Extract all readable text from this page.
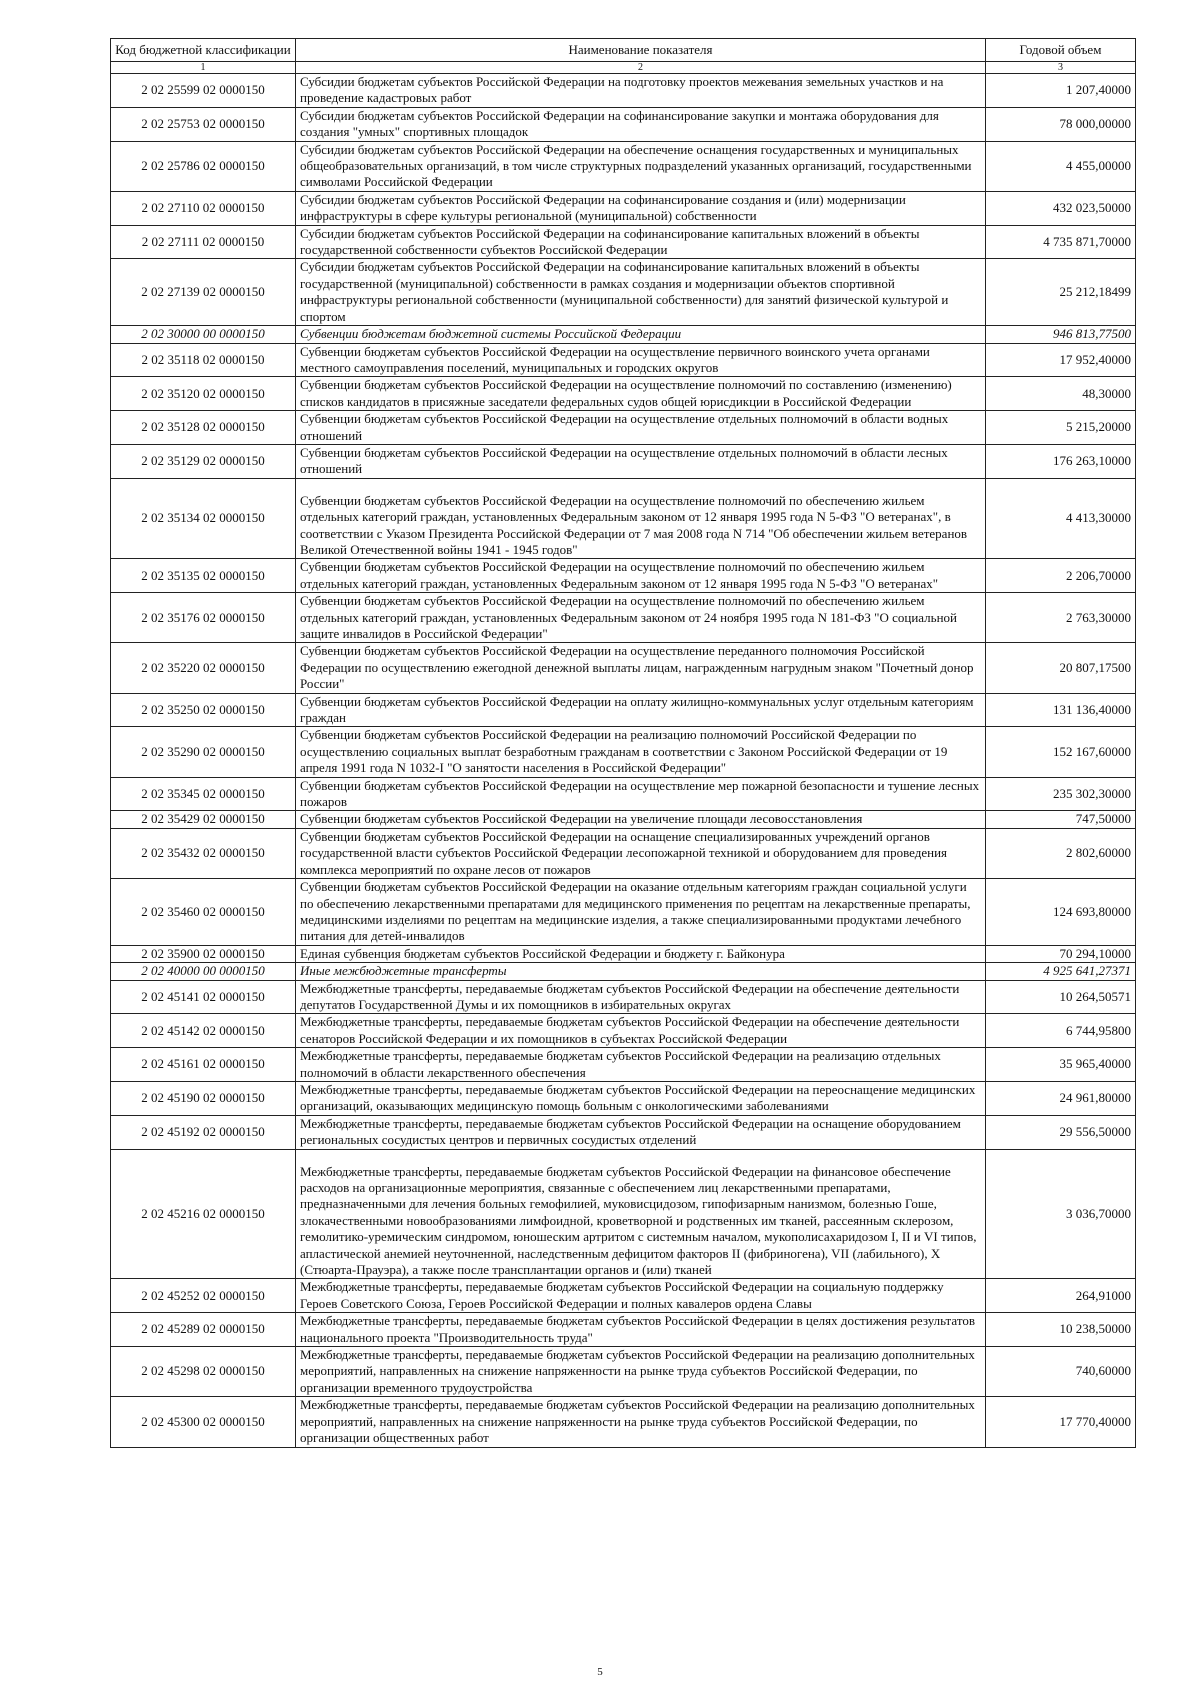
Код бюджетной классификации	Наименование показателя	Годовой объем
1	2	3
2 02 25599 02 0000150	Субсидии бюджетам субъектов Российской Федерации на подготовку проектов межевания земельных участков и на проведение кадастровых работ	1 207,40000
2 02 25753 02 0000150	Субсидии бюджетам субъектов Российской Федерации на софинансирование закупки и монтажа оборудования для создания "умных" спортивных площадок	78 000,00000
2 02 25786 02 0000150	Субсидии бюджетам субъектов Российской Федерации на обеспечение оснащения государственных и муниципальных общеобразовательных организаций, в том числе структурных подразделений указанных организаций, государственными символами Российской Федерации	4 455,00000
2 02 27110 02 0000150	Субсидии бюджетам субъектов Российской Федерации на софинансирование создания и (или) модернизации инфраструктуры в сфере культуры региональной (муниципальной) собственности	432 023,50000
2 02 27111 02 0000150	Субсидии бюджетам субъектов Российской Федерации на софинансирование капитальных вложений в объекты государственной собственности субъектов Российской Федерации	4 735 871,70000
2 02 27139 02 0000150	Субсидии бюджетам субъектов Российской Федерации на софинансирование капитальных вложений в объекты государственной (муниципальной) собственности в рамках создания и модернизации объектов спортивной инфраструктуры региональной собственности (муниципальной собственности) для занятий физической культурой и спортом	25 212,18499
2 02 30000 00 0000150	Субвенции бюджетам бюджетной системы Российской Федерации	946 813,77500
2 02 35118 02 0000150	Субвенции бюджетам субъектов Российской Федерации на осуществление первичного воинского учета органами местного самоуправления поселений, муниципальных и городских округов	17 952,40000
2 02 35120 02 0000150	Субвенции бюджетам субъектов Российской Федерации на осуществление полномочий по составлению (изменению) списков кандидатов в присяжные заседатели федеральных судов общей юрисдикции в Российской Федерации	48,30000
2 02 35128 02 0000150	Субвенции бюджетам субъектов Российской Федерации на осуществление отдельных полномочий в области водных отношений	5 215,20000
2 02 35129 02 0000150	Субвенции бюджетам субъектов Российской Федерации на осуществление отдельных полномочий в области лесных отношений	176 263,10000
2 02 35134 02 0000150	Субвенции бюджетам субъектов Российской Федерации на осуществление полномочий по обеспечению жильем отдельных категорий граждан, установленных Федеральным законом от 12 января 1995 года N 5-ФЗ "О ветеранах", в соответствии с Указом Президента Российской Федерации от 7 мая 2008 года N 714 "Об обеспечении жильем ветеранов Великой Отечественной войны 1941 - 1945 годов"	4 413,30000
2 02 35135 02 0000150	Субвенции бюджетам субъектов Российской Федерации на осуществление полномочий по обеспечению жильем отдельных категорий граждан, установленных Федеральным законом от 12 января 1995 года N 5-ФЗ "О ветеранах"	2 206,70000
2 02 35176 02 0000150	Субвенции бюджетам субъектов Российской Федерации на осуществление полномочий по обеспечению жильем отдельных категорий граждан, установленных Федеральным законом от 24 ноября 1995 года N 181-ФЗ "О социальной защите инвалидов в Российской Федерации"	2 763,30000
2 02 35220 02 0000150	Субвенции бюджетам субъектов Российской Федерации на осуществление переданного полномочия Российской Федерации по осуществлению ежегодной денежной выплаты лицам, награжденным нагрудным знаком "Почетный донор России"	20 807,17500
2 02 35250 02 0000150	Субвенции бюджетам субъектов Российской Федерации на оплату жилищно-коммунальных услуг отдельным категориям граждан	131 136,40000
2 02 35290 02 0000150	Субвенции бюджетам субъектов Российской Федерации на реализацию полномочий Российской Федерации по осуществлению социальных выплат безработным гражданам в соответствии с Законом Российской Федерации от 19 апреля 1991 года N 1032-I "О занятости населения в Российской Федерации"	152 167,60000
2 02 35345 02 0000150	Субвенции бюджетам субъектов Российской Федерации на осуществление мер пожарной безопасности и тушение лесных пожаров	235 302,30000
2 02 35429 02 0000150	Субвенции бюджетам субъектов Российской Федерации на увеличение площади лесовосстановления	747,50000
2 02 35432 02 0000150	Субвенции бюджетам субъектов Российской Федерации на оснащение специализированных учреждений органов государственной власти субъектов Российской Федерации лесопожарной техникой и оборудованием для проведения комплекса мероприятий по охране лесов от пожаров	2 802,60000
2 02 35460 02 0000150	Субвенции бюджетам субъектов Российской Федерации на оказание отдельным категориям граждан социальной услуги по обеспечению лекарственными препаратами для медицинского применения по рецептам на лекарственные препараты, медицинскими изделиями по рецептам на медицинские изделия, а также специализированными продуктами лечебного питания для детей-инвалидов	124 693,80000
2 02 35900 02 0000150	Единая субвенция бюджетам субъектов Российской Федерации и бюджету г. Байконура	70 294,10000
2 02 40000 00 0000150	Иные межбюджетные трансферты	4 925 641,27371
2 02 45141 02 0000150	Межбюджетные трансферты, передаваемые бюджетам субъектов Российской Федерации на обеспечение деятельности депутатов Государственной Думы и их помощников в избирательных округах	10 264,50571
2 02 45142 02 0000150	Межбюджетные трансферты, передаваемые бюджетам субъектов Российской Федерации на обеспечение деятельности сенаторов Российской Федерации и их помощников в субъектах Российской Федерации	6 744,95800
2 02 45161 02 0000150	Межбюджетные трансферты, передаваемые бюджетам субъектов Российской Федерации на реализацию отдельных полномочий в области лекарственного обеспечения	35 965,40000
2 02 45190 02 0000150	Межбюджетные трансферты, передаваемые бюджетам субъектов Российской Федерации на переоснащение медицинских организаций, оказывающих медицинскую помощь больным с онкологическими заболеваниями	24 961,80000
2 02 45192 02 0000150	Межбюджетные трансферты, передаваемые бюджетам субъектов Российской Федерации на оснащение оборудованием региональных сосудистых центров и первичных сосудистых отделений	29 556,50000
2 02 45216 02 0000150	Межбюджетные трансферты, передаваемые бюджетам субъектов Российской Федерации на финансовое обеспечение расходов на организационные мероприятия, связанные с обеспечением лиц лекарственными препаратами, предназначенными для лечения больных гемофилией, муковисцидозом, гипофизарным нанизмом, болезнью Гоше, злокачественными новообразованиями лимфоидной, кроветворной и родственных им тканей, рассеянным склерозом, гемолитико-уремическим синдромом, юношеским артритом с системным началом, мукополисахаридозом I, II и VI типов, апластической анемией неуточненной, наследственным дефицитом факторов II (фибриногена), VII (лабильного), X (Стюарта-Прауэра), а также после трансплантации органов и (или) тканей	3 036,70000
2 02 45252 02 0000150	Межбюджетные трансферты, передаваемые бюджетам субъектов Российской Федерации на социальную поддержку Героев Советского Союза, Героев Российской Федерации и полных кавалеров ордена Славы	264,91000
2 02 45289 02 0000150	Межбюджетные трансферты, передаваемые бюджетам субъектов Российской Федерации в целях достижения результатов национального проекта "Производительность труда"	10 238,50000
2 02 45298 02 0000150	Межбюджетные трансферты, передаваемые бюджетам субъектов Российской Федерации на реализацию дополнительных мероприятий, направленных на снижение напряженности на рынке труда субъектов Российской Федерации, по организации временного трудоустройства	740,60000
2 02 45300 02 0000150	Межбюджетные трансферты, передаваемые бюджетам субъектов Российской Федерации на реализацию дополнительных мероприятий, направленных на снижение напряженности на рынке труда субъектов Российской Федерации, по организации общественных работ	17 770,40000
5
